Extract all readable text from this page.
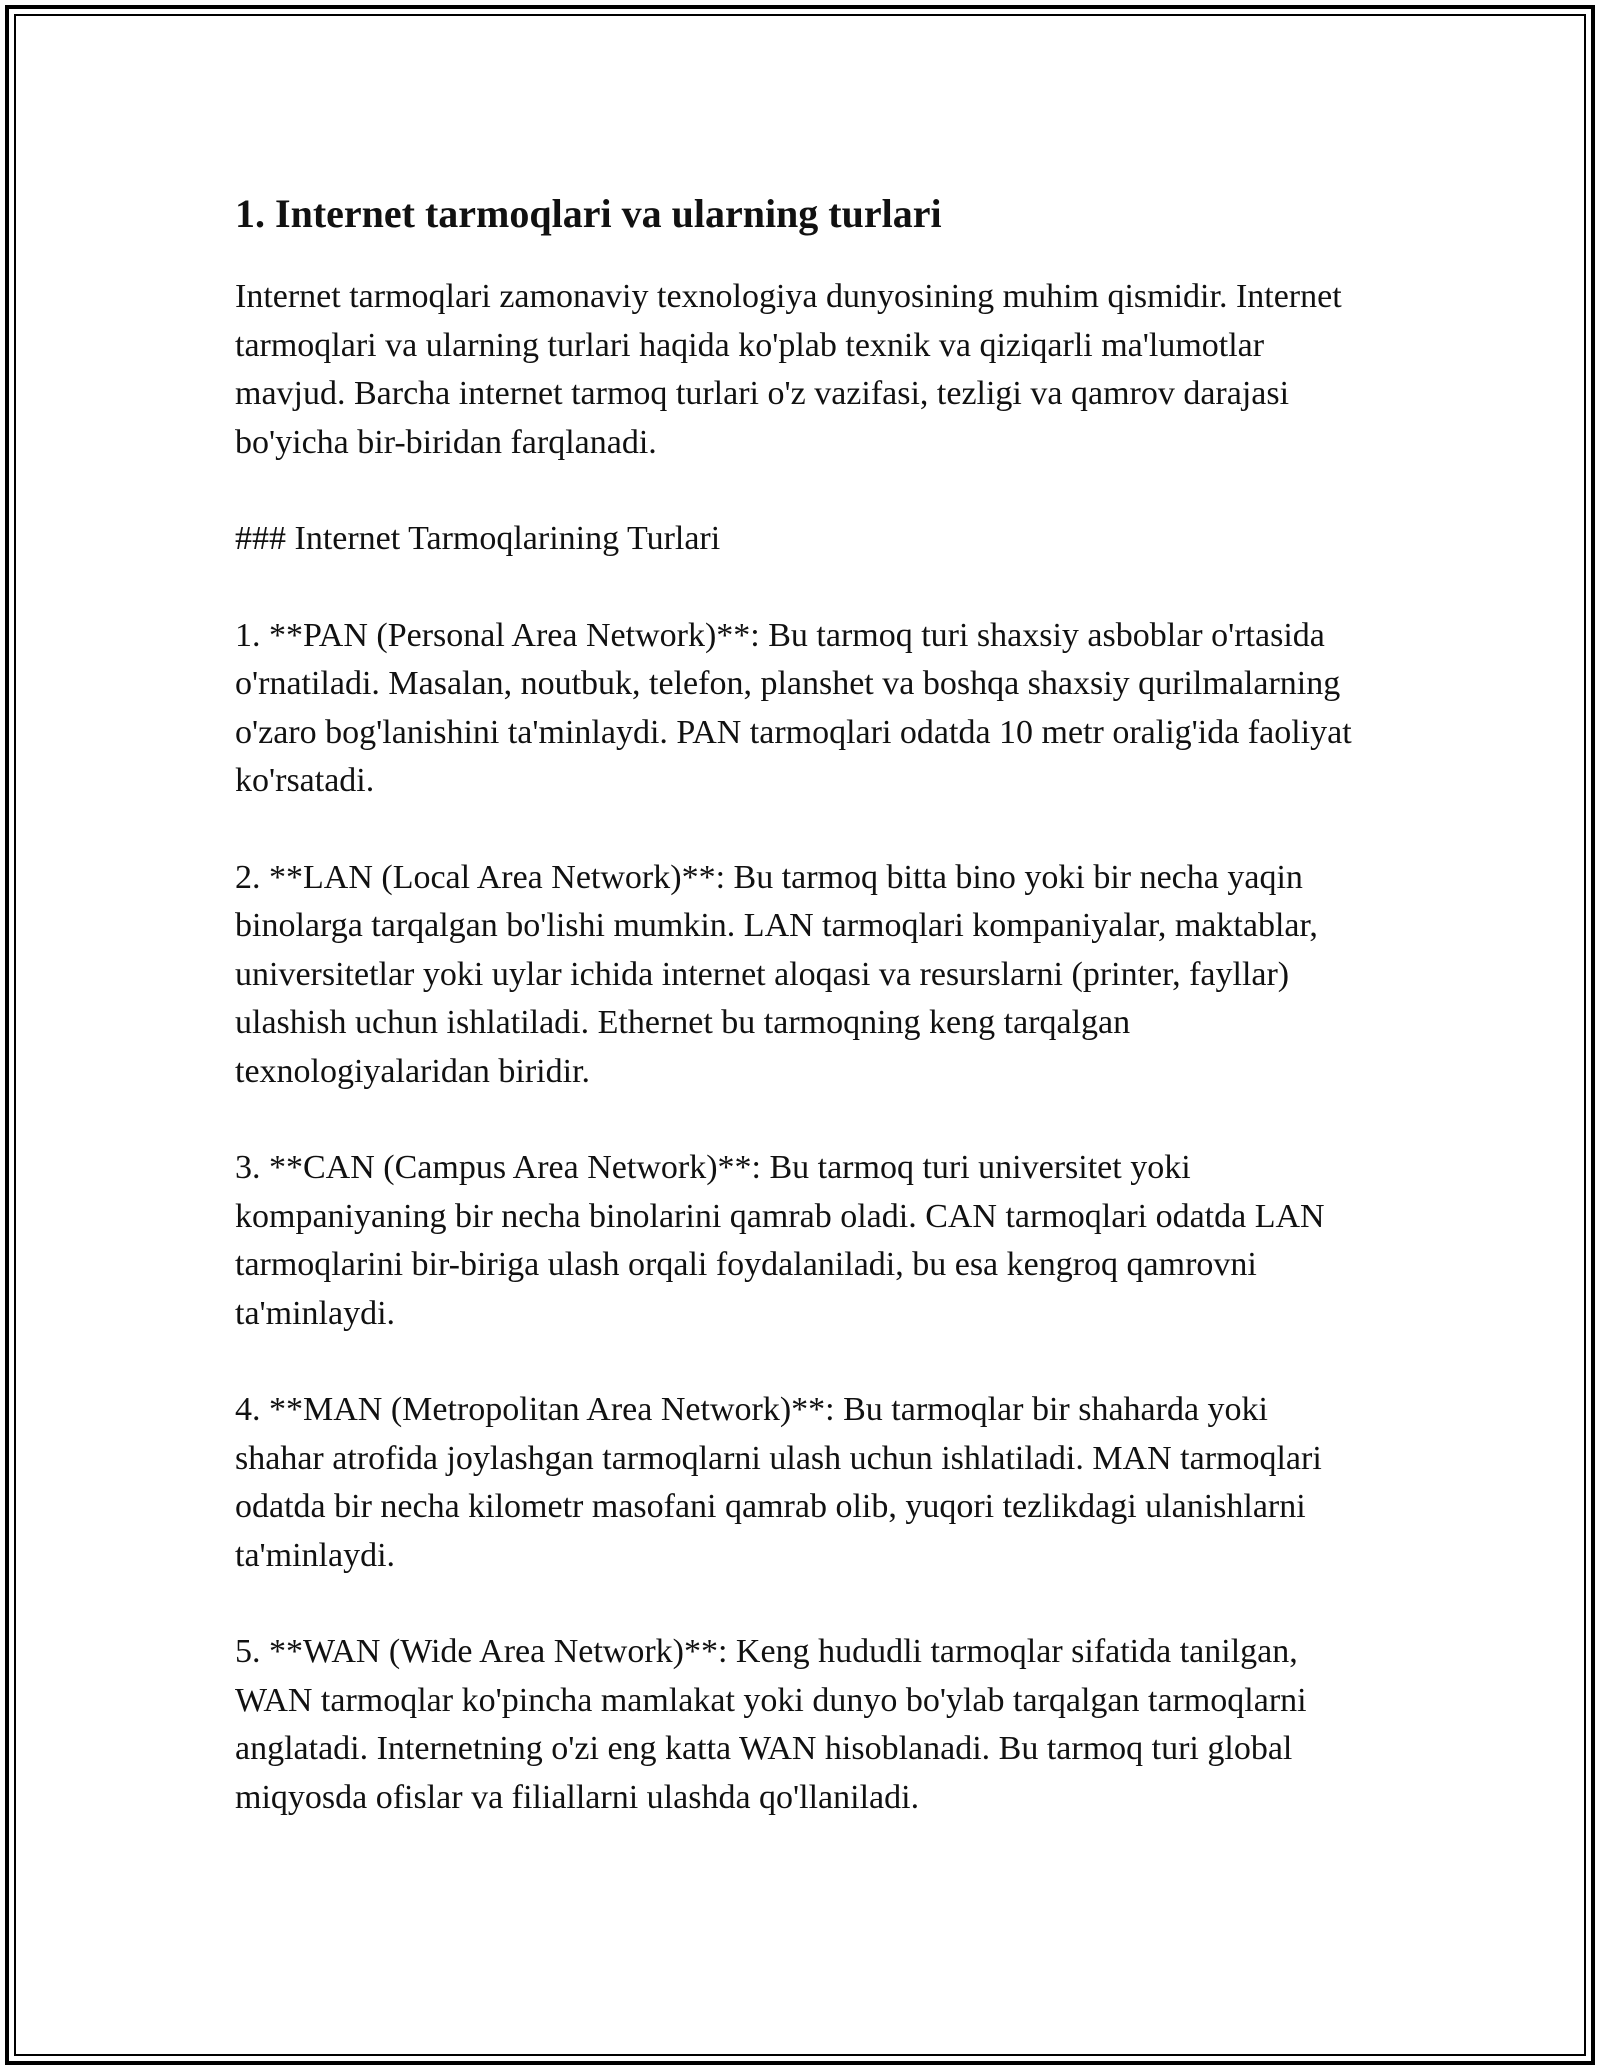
1. Internet tarmoqlari va ularning turlari

Internet tarmoqlari zamonaviy texnologiya dunyosining muhim qismidir. Internet tarmoqlari va ularning turlari haqida ko'plab texnik va qiziqarli ma'lumotlar mavjud. Barcha internet tarmoq turlari o'z vazifasi, tezligi va qamrov darajasi bo'yicha bir-biridan farqlanadi.

### Internet Tarmoqlarining Turlari

1. **PAN (Personal Area Network)**: Bu tarmoq turi shaxsiy asboblar o'rtasida o'rnatiladi. Masalan, noutbuk, telefon, planshet va boshqa shaxsiy qurilmalarning o'zaro bog'lanishini ta'minlaydi. PAN tarmoqlari odatda 10 metr oralig'ida faoliyat ko'rsatadi.

2. **LAN (Local Area Network)**: Bu tarmoq bitta bino yoki bir necha yaqin binolarga tarqalgan bo'lishi mumkin. LAN tarmoqlari kompaniyalar, maktablar, universitetlar yoki uylar ichida internet aloqasi va resurslarni (printer, fayllar) ulashish uchun ishlatiladi. Ethernet bu tarmoqning keng tarqalgan texnologiyalaridan biridir.

3. **CAN (Campus Area Network)**: Bu tarmoq turi universitet yoki kompaniyaning bir necha binolarini qamrab oladi. CAN tarmoqlari odatda LAN tarmoqlarini bir-biriga ulash orqali foydalaniladi, bu esa kengroq qamrovni ta'minlaydi.

4. **MAN (Metropolitan Area Network)**: Bu tarmoqlar bir shaharda yoki shahar atrofida joylashgan tarmoqlarni ulash uchun ishlatiladi. MAN tarmoqlari odatda bir necha kilometr masofani qamrab olib, yuqori tezlikdagi ulanishlarni ta'minlaydi.

5. **WAN (Wide Area Network)**: Keng hududli tarmoqlar sifatida tanilgan, WAN tarmoqlar ko'pincha mamlakat yoki dunyo bo'ylab tarqalgan tarmoqlarni anglatadi. Internetning o'zi eng katta WAN hisoblanadi. Bu tarmoq turi global miqyosda ofislar va filiallarni ulashda qo'llaniladi.
